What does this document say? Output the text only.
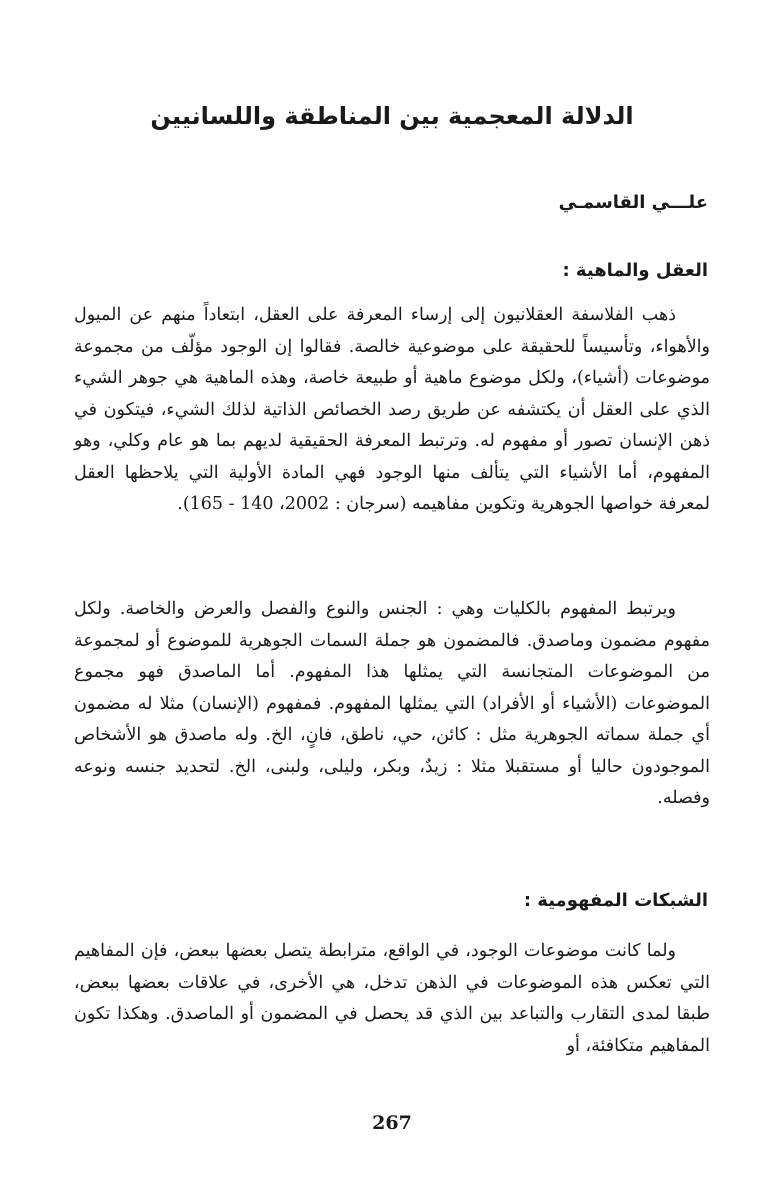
الدلالة المعجمية بين المناطقة واللسانيين

علـــي القاسمـي

العقل والماهية :

ذهب الفلاسفة العقلانيون إلى إرساء المعرفة على العقل، ابتعاداً منهم عن الميول والأهواء، وتأسيساً للحقيقة على موضوعية خالصة. فقالوا إن الوجود مؤلّف من مجموعة موضوعات (أشياء)، ولكل موضوع ماهية أو طبيعة خاصة، وهذه الماهية هي جوهر الشيء الذي على العقل أن يكتشفه عن طريق رصد الخصائص الذاتية لذلك الشيء، فيتكون في ذهن الإنسان تصور أو مفهوم له. وترتبط المعرفة الحقيقية لديهم بما هو عام وكلي، وهو المفهوم، أما الأشياء التي يتألف منها الوجود فهي المادة الأولية التي يلاحظها العقل لمعرفة خواصها الجوهرية وتكوين مفاهيمه (سرجان : 2002، 140 - 165).

ويرتبط المفهوم بالكليات وهي : الجنس والنوع والفصل والعرض والخاصة. ولكل مفهوم مضمون وماصدق. فالمضمون هو جملة السمات الجوهرية للموضوع أو لمجموعة من الموضوعات المتجانسة التي يمثلها هذا المفهوم. أما الماصدق فهو مجموع الموضوعات (الأشياء أو الأفراد) التي يمثلها المفهوم. فمفهوم (الإنسان) مثلا له مضمون أي جملة سماته الجوهرية مثل : كائن، حي، ناطق، فانٍ، الخ. وله ماصدق هو الأشخاص الموجودون حاليا أو مستقبلا مثلا : زيدٌ، وبكر، وليلى، ولبنى، الخ. لتحديد جنسه ونوعه وفصله.

الشبكات المفهومية :

ولما كانت موضوعات الوجود، في الواقع، مترابطة يتصل بعضها ببعض، فإن المفاهيم التي تعكس هذه الموضوعات في الذهن تدخل، هي الأخرى، في علاقات بعضها ببعض، طبقا لمدى التقارب والتباعد بين الذي قد يحصل في المضمون أو الماصدق. وهكذا تكون المفاهيم متكافئة، أو

267
